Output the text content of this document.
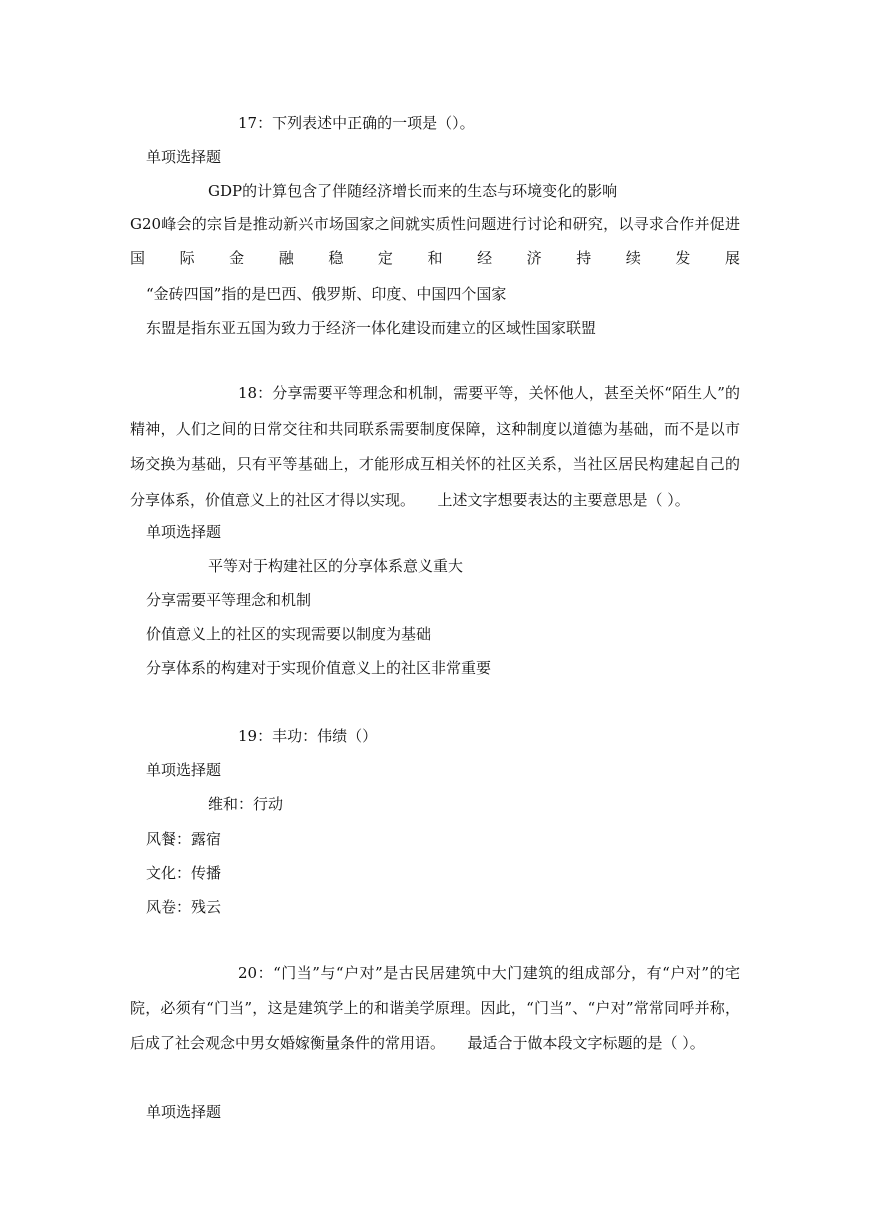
17：下列表述中正确的一项是（）。
单项选择题
GDP的计算包含了伴随经济增长而来的生态与环境变化的影响
G20峰会的宗旨是推动新兴市场国家之间就实质性问题进行讨论和研究，以寻求合作并促进国际金融稳定和经济持续发展
“金砖四国”指的是巴西、俄罗斯、印度、中国四个国家
东盟是指东亚五国为致力于经济一体化建设而建立的区域性国家联盟
18：分享需要平等理念和机制，需要平等，关怀他人，甚至关怀“陌生人”的精神，人们之间的日常交往和共同联系需要制度保障，这种制度以道德为基础，而不是以市场交换为基础，只有平等基础上，才能形成互相关怀的社区关系，当社区居民构建起自己的分享体系，价值意义上的社区才得以实现。　　上述文字想要表达的主要意思是（ ）。
单项选择题
平等对于构建社区的分享体系意义重大
分享需要平等理念和机制
价值意义上的社区的实现需要以制度为基础
分享体系的构建对于实现价值意义上的社区非常重要
19：丰功：伟绩（）
单项选择题
维和：行动
风餐：露宿
文化：传播
风卷：残云
20：“门当”与“户对”是古民居建筑中大门建筑的组成部分，有“户对”的宅院，必须有“门当”，这是建筑学上的和谐美学原理。因此，“门当”、“户对”常常同呼并称，后成了社会观念中男女婚嫁衡量条件的常用语。　　最适合于做本段文字标题的是（ ）。
单项选择题
